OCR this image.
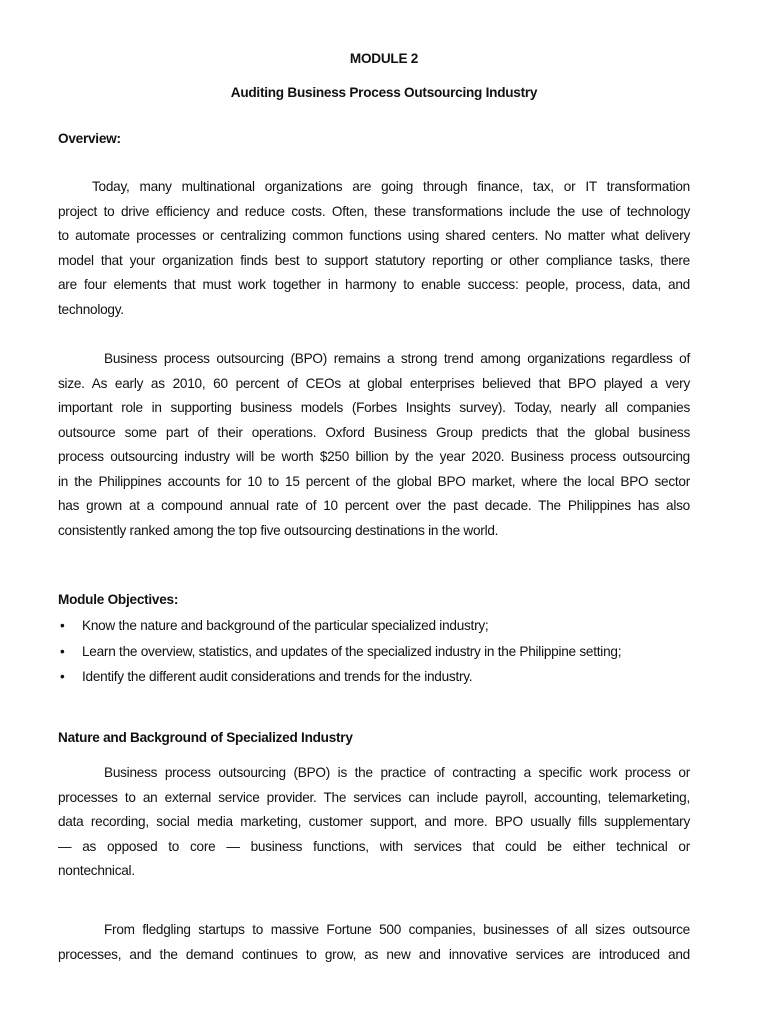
MODULE 2
Auditing Business Process Outsourcing Industry
Overview:
Today, many multinational organizations are going through finance, tax, or IT transformation
project to drive efficiency and reduce costs. Often, these transformations include the use of technology
to automate processes or centralizing common functions using shared centers. No matter what delivery
model that your organization finds best to support statutory reporting or other compliance tasks, there
are four elements that must work together in harmony to enable success: people, process, data, and
technology.
Business process outsourcing (BPO) remains a strong trend among organizations regardless of
size. As early as 2010, 60 percent of CEOs at global enterprises believed that BPO played a very
important role in supporting business models (Forbes Insights survey). Today, nearly all companies
outsource some part of their operations. Oxford Business Group predicts that the global business
process outsourcing industry will be worth $250 billion by the year 2020. Business process outsourcing
in the Philippines accounts for 10 to 15 percent of the global BPO market, where the local BPO sector
has grown at a compound annual rate of 10 percent over the past decade. The Philippines has also
consistently ranked among the top five outsourcing destinations in the world.
Module Objectives:
• Know the nature and background of the particular specialized industry;
• Learn the overview, statistics, and updates of the specialized industry in the Philippine setting;
• Identify the different audit considerations and trends for the industry.
Nature and Background of Specialized Industry
Business process outsourcing (BPO) is the practice of contracting a specific work process or
processes to an external service provider. The services can include payroll, accounting, telemarketing,
data recording, social media marketing, customer support, and more. BPO usually fills supplementary
— as opposed to core — business functions, with services that could be either technical or
nontechnical.
From fledgling startups to massive Fortune 500 companies, businesses of all sizes outsource
processes, and the demand continues to grow, as new and innovative services are introduced and
